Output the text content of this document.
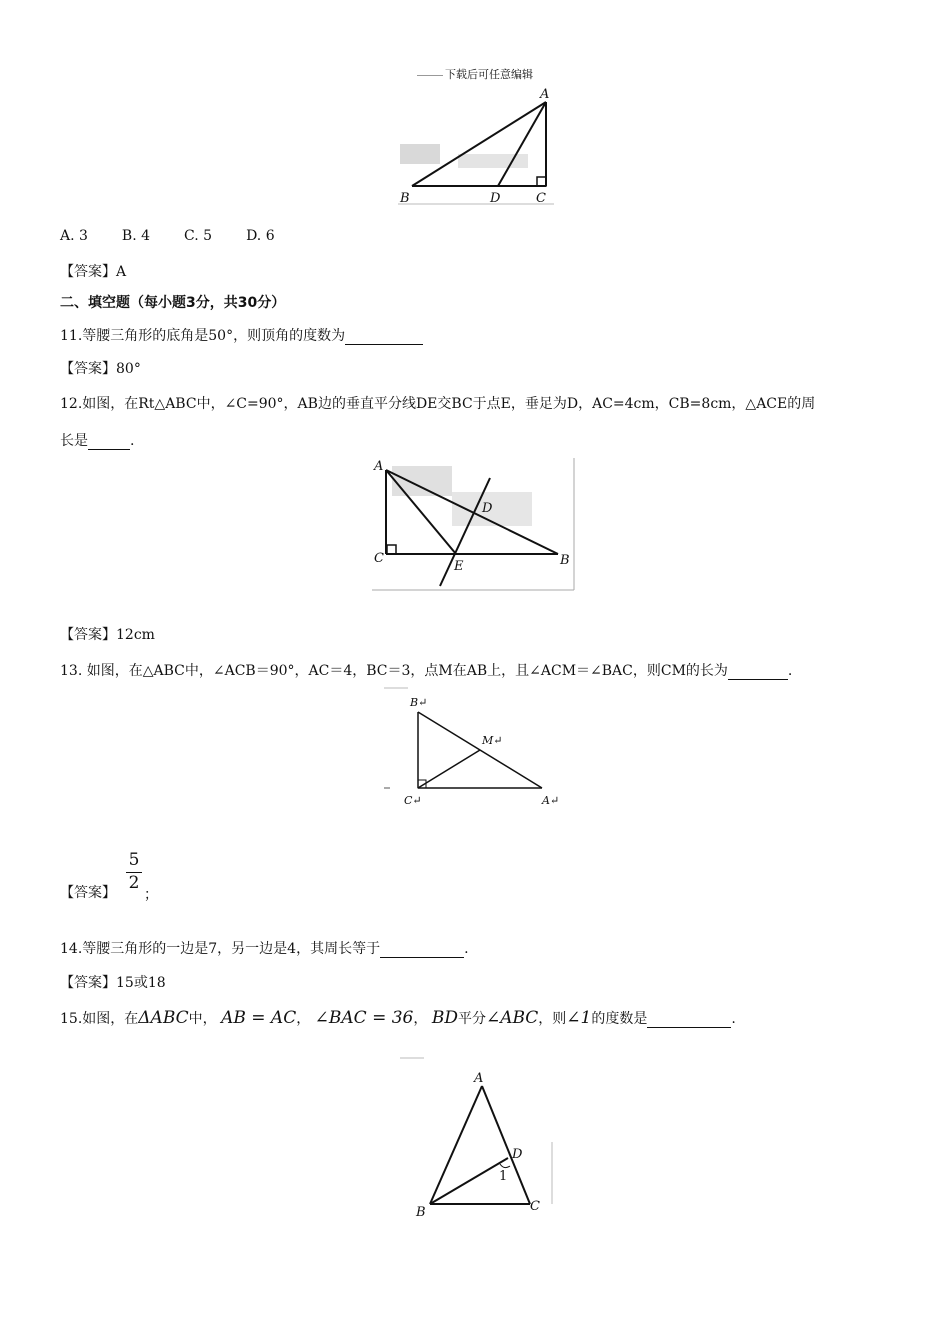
下载后可任意编辑
A
B	D	C
A. 3 B. 4 C. 5 D. 6
【答案】A
二、填空题（每小题3分，共30分）
11.等腰三角形的底角是50°，则顶角的度数为
【答案】80°
12.如图，在Rt△ABC中，∠C=90°，AB边的垂直平分线DE交BC于点E，垂足为D，AC=4cm，CB=8cm，△ACE的周
长是	.
A
C
D
E	B
【答案】12cm
13. 如图，在△ABC中，∠ACB＝90°，AC＝4，BC＝3，点M在AB上，且∠ACM＝∠BAC，则CM的长为	.
B↵
M↵
C↵	A↵
【答案】 $\frac{5}{2}$
；
14.等腰三角形的一边是7，另一边是4，其周长等于	.
【答案】15或18
15.如图，在ΔABC中， AB = AC， ∠BAC = 36， BD平分∠ABC，则∠1的度数是	.
A
D
1
B	C
